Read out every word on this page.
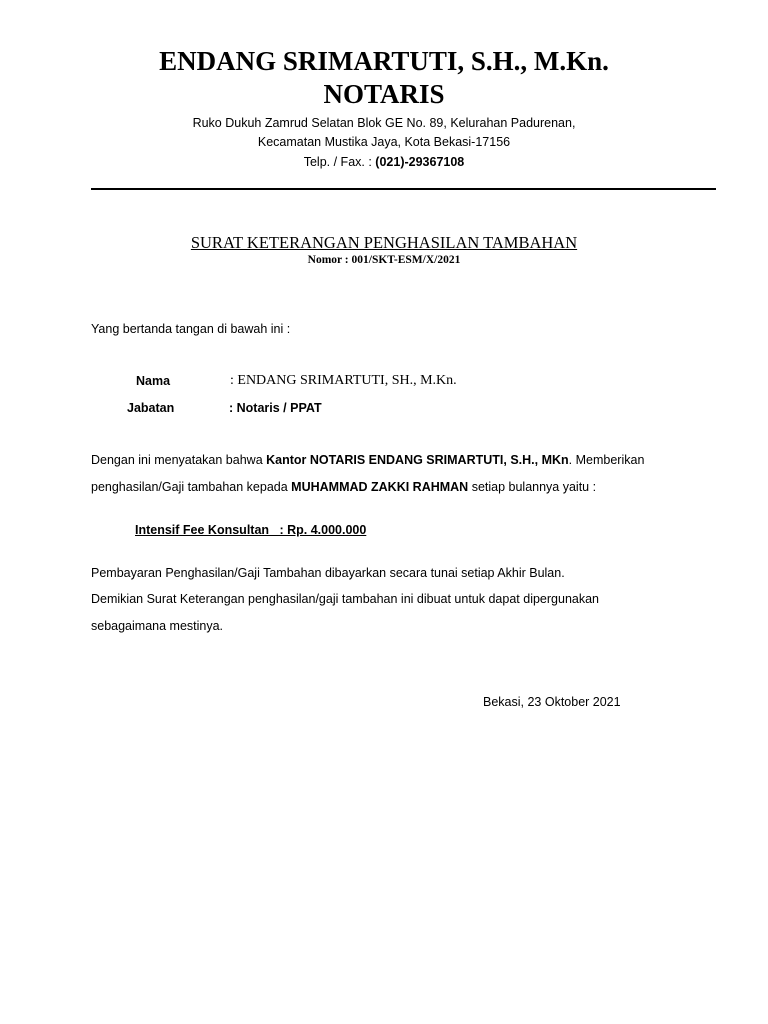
ENDANG SRIMARTUTI, S.H., M.Kn.
NOTARIS
Ruko Dukuh Zamrud Selatan Blok GE No. 89, Kelurahan Padurenan,
Kecamatan Mustika Jaya, Kota Bekasi-17156
Telp. / Fax. : (021)-29367108
SURAT KETERANGAN PENGHASILAN TAMBAHAN
Nomor : 001/SKT-ESM/X/2021
Yang bertanda tangan di bawah ini :
Nama	: ENDANG SRIMARTUTI, SH., M.Kn.
Jabatan	: Notaris / PPAT
Dengan ini menyatakan bahwa Kantor NOTARIS ENDANG SRIMARTUTI, S.H., MKn. Memberikan
penghasilan/Gaji tambahan kepada MUHAMMAD ZAKKI RAHMAN setiap bulannya yaitu :
Intensif Fee Konsultan   : Rp. 4.000.000
Pembayaran Penghasilan/Gaji Tambahan dibayarkan secara tunai setiap Akhir Bulan.
Demikian Surat Keterangan penghasilan/gaji tambahan ini dibuat untuk dapat dipergunakan
sebagaimana mestinya.
Bekasi, 23 Oktober 2021
